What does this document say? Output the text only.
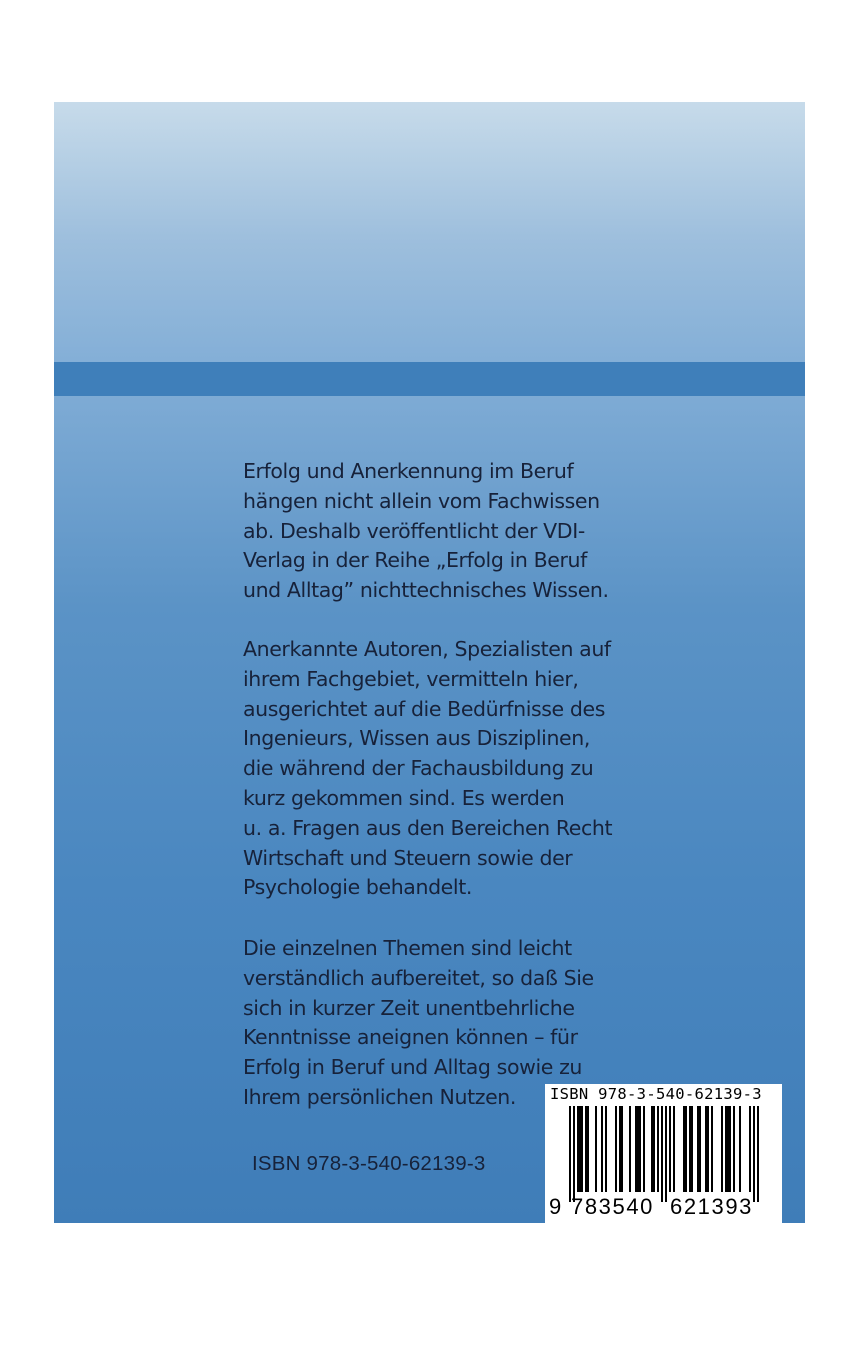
Erfolg und Anerkennung im Beruf
hängen nicht allein vom Fachwissen
ab. Deshalb veröffentlicht der VDI-
Verlag in der Reihe „Erfolg in Beruf
und Alltag” nichttechnisches Wissen.

Anerkannte Autoren, Spezialisten auf
ihrem Fachgebiet, vermitteln hier,
ausgerichtet auf die Bedürfnisse des
Ingenieurs, Wissen aus Disziplinen,
die während der Fachausbildung zu
kurz gekommen sind. Es werden
u. a. Fragen aus den Bereichen Recht
Wirtschaft und Steuern sowie der
Psychologie behandelt.

Die einzelnen Themen sind leicht
verständlich aufbereitet, so daß Sie
sich in kurzer Zeit unentbehrliche
Kenntnisse aneignen können – für
Erfolg in Beruf und Alltag sowie zu
Ihrem persönlichen Nutzen.

ISBN 978-3-540-62139-3
ISBN 978-3-540-62139-3
9 783540 621393
